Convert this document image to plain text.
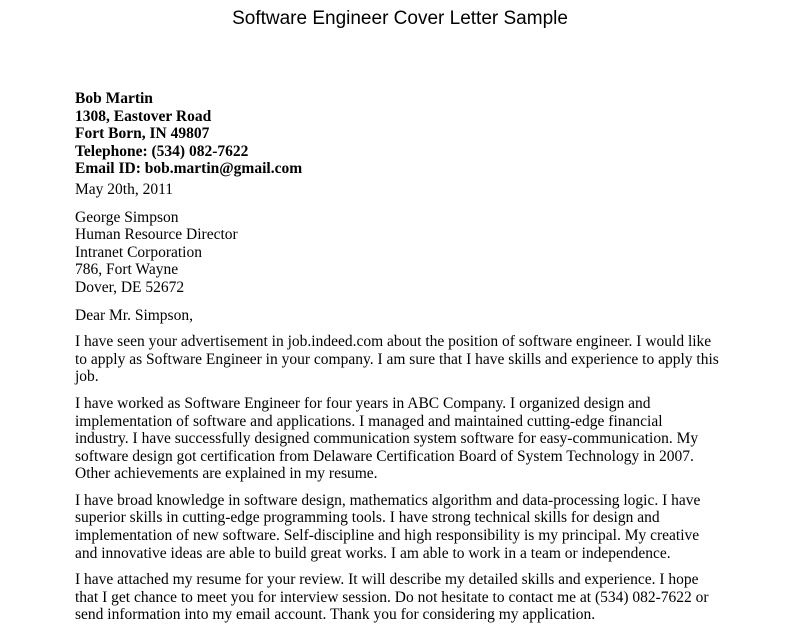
Software Engineer Cover Letter Sample
Bob Martin
1308, Eastover Road
Fort Born, IN 49807
Telephone: (534) 082-7622
Email ID: bob.martin@gmail.com
May 20th, 2011
George Simpson
Human Resource Director
Intranet Corporation
786, Fort Wayne
Dover, DE 52672
Dear Mr. Simpson,
I have seen your advertisement in job.indeed.com about the position of software engineer. I would like
to apply as Software Engineer in your company. I am sure that I have skills and experience to apply this
job.
I have worked as Software Engineer for four years in ABC Company. I organized design and
implementation of software and applications. I managed and maintained cutting-edge financial
industry. I have successfully designed communication system software for easy-communication. My
software design got certification from Delaware Certification Board of System Technology in 2007.
Other achievements are explained in my resume.
I have broad knowledge in software design, mathematics algorithm and data-processing logic. I have
superior skills in cutting-edge programming tools. I have strong technical skills for design and
implementation of new software. Self-discipline and high responsibility is my principal. My creative
and innovative ideas are able to build great works. I am able to work in a team or independence.
I have attached my resume for your review. It will describe my detailed skills and experience. I hope
that I get chance to meet you for interview session. Do not hesitate to contact me at (534) 082-7622 or
send information into my email account. Thank you for considering my application.
